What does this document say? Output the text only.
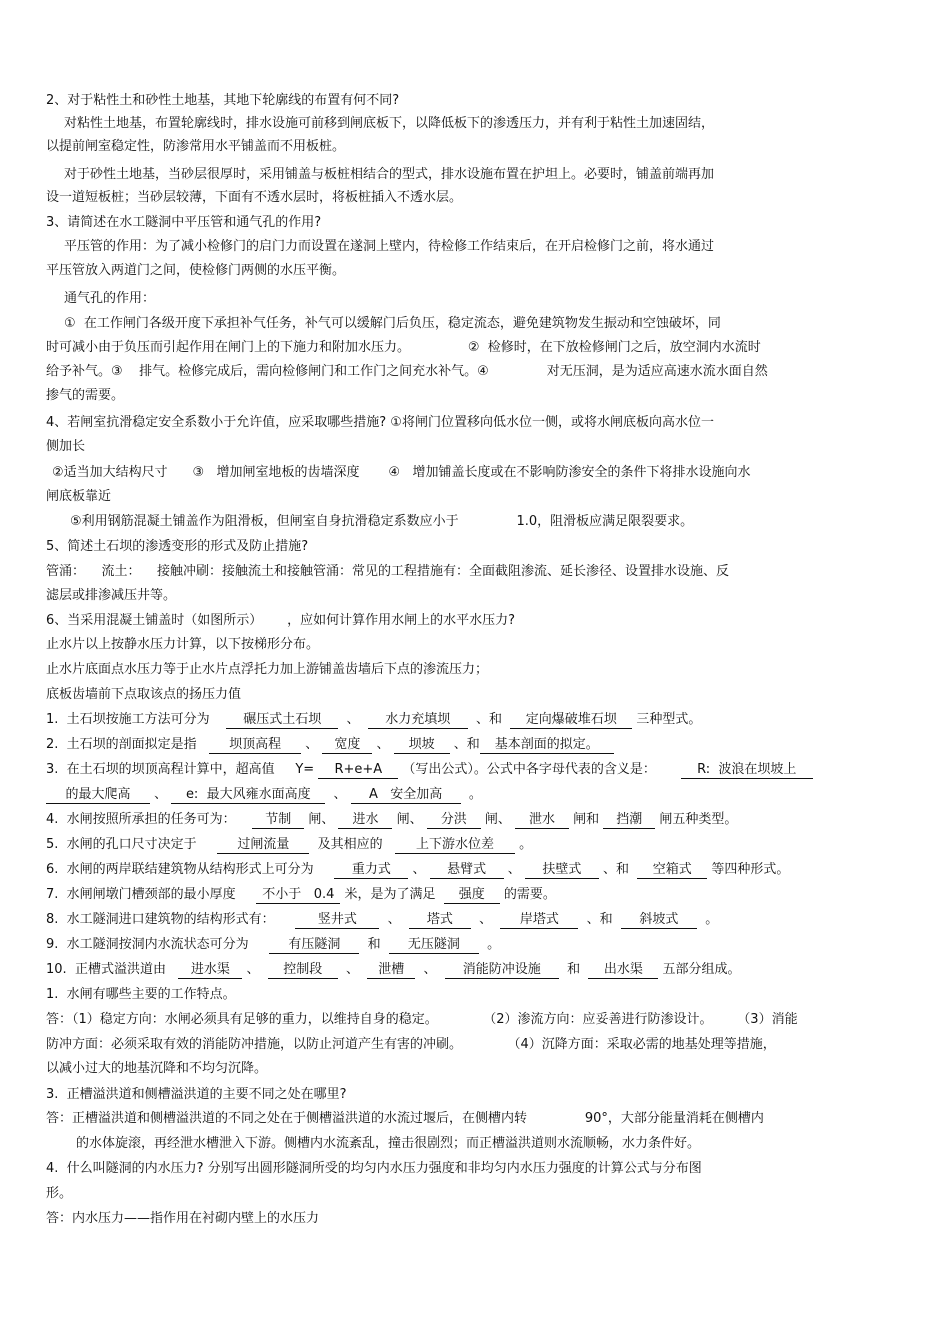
2、对于粘性土和砂性土地基，其地下轮廓线的布置有何不同?
对粘性土地基，布置轮廓线时，排水设施可前移到闸底板下，以降低板下的渗透压力，并有利于粘性土加速固结，
以提前闸室稳定性，防渗常用水平铺盖而不用板桩。
对于砂性土地基，当砂层很厚时，采用铺盖与板桩相结合的型式，排水设施布置在护坦上。必要时，铺盖前端再加
设一道短板桩；当砂层较薄，下面有不透水层时，将板桩插入不透水层。
3、请简述在水工隧洞中平压管和通气孔的作用?
平压管的作用：为了减小检修门的启门力而设置在遂洞上壁内，待检修工作结束后，在开启检修门之前，将水通过
平压管放入两道门之间，使检修门两侧的水压平衡。
通气孔的作用：
①  在工作闸门各级开度下承担补气任务，补气可以缓解门后负压，稳定流态，避免建筑物发生振动和空蚀破坏，同
时可减小由于负压而引起作用在闸门上的下施力和附加水压力。              ②  检修时，在下放检修闸门之后，放空洞内水流时
给予补气。③    排气。检修完成后，需向检修闸门和工作门之间充水补气。④              对无压洞，是为适应高速水流水面自然
掺气的需要。
4、若闸室抗滑稳定安全系数小于允许值，应采取哪些措施? ①将闸门位置移向低水位一侧，或将水闸底板向高水位一
侧加长
②适当加大结构尺寸      ③   增加闸室地板的齿墙深度       ④   增加铺盖长度或在不影响防渗安全的条件下将排水设施向水
闸底板靠近
⑤利用钢筋混凝土铺盖作为阻滑板，但闸室自身抗滑稳定系数应小于              1.0，阻滑板应满足限裂要求。
5、简述土石坝的渗透变形的形式及防止措施?
管涌：    流土：    接触冲刷：接触流土和接触管涌：常见的工程措施有：全面截阻渗流、延长渗径、设置排水设施、反
滤层或排渗减压井等。
6、当采用混凝土铺盖时（如图所示）      ，应如何计算作用水闸上的水平水压力?
止水片以上按静水压力计算，以下按梯形分布。
止水片底面点水压力等于止水片点浮托力加上游铺盖齿墙后下点的渗流压力；
底板齿墙前下点取该点的扬压力值
1.  土石坝按施工方法可分为    碾压式土石坝  、  水力充填坝  、和  定向爆破堆石坝 三种型式。
2.  土石坝的剖面拟定是指   坝顶高程 、 宽度 、 坝坡 、和 基本剖面的拟定。
3.  在土石坝的坝顶高程计算中，超高值     Y= R+e+A （写出公式）。公式中各字母代表的含义是：      R:  波浪在坝坡上
的最大爬高 、 e:  最大风雍水面高度  、 A   安全加高  。
4.  水闸按照所承担的任务可为：    节制 闸、 进水 闸、 分洪 闸、 泄水 闸和 挡潮 闸五种类型。
5.  水闸的孔口尺寸决定于     过闸流量  及其相应的   上下游水位差 。
6.  水闸的两岸联结建筑物从结构形式上可分为     重力式 、 悬臂式 、 扶壁式 、和  空箱式 等四种形式。
7.  水闸闸墩门槽颈部的最小厚度     不小于   0.4 米，是为了满足  强度 的需要。
8.  水工隧洞进口建筑物的结构形式有：     竖井式  、  塔式  、  岸塔式  、和  斜坡式  。
9.  水工隧洞按洞内水流状态可分为     有压隧洞  和  无压隧洞  。
10.  正槽式溢洪道由   进水渠 、  控制段  、  泄槽  、  消能防冲设施  和  出水渠 五部分组成。
1.  水闸有哪些主要的工作特点。
答：（1）稳定方向：水闸必须具有足够的重力，以维持自身的稳定。           （2）渗流方向：应妥善进行防渗设计。      （3）消能
防冲方面：必须采取有效的消能防冲措施，以防止河道产生有害的冲刷。           （4）沉降方面：采取必需的地基处理等措施，
以减小过大的地基沉降和不均匀沉降。
3.  正槽溢洪道和侧槽溢洪道的主要不同之处在哪里?
答：正槽溢洪道和侧槽溢洪道的不同之处在于侧槽溢洪道的水流过堰后，在侧槽内转              90°，大部分能量消耗在侧槽内
的水体旋滚，再经泄水槽泄入下游。侧槽内水流紊乱，撞击很剧烈；而正槽溢洪道则水流顺畅，水力条件好。
4.  什么叫隧洞的内水压力? 分别写出圆形隧洞所受的均匀内水压力强度和非均匀内水压力强度的计算公式与分布图
形。
答：内水压力——指作用在衬砌内壁上的水压力
